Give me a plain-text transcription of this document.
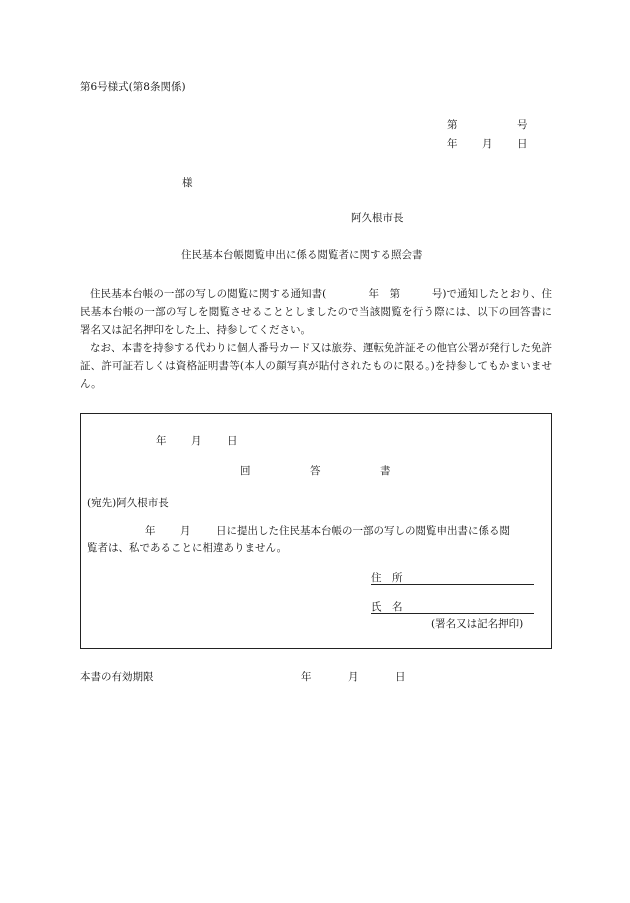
第6号様式(第8条関係)
第	号
年 月 日
様
阿久根市長
住民基本台帳閲覧申出に係る閲覧者に関する照会書
住民基本台帳の一部の写しの閲覧に関する通知書(　　　　年　第　　　号)で通知したとおり、住民基本台帳の一部の写しを閲覧させることとしましたので当該閲覧を行う際には、以下の回答書に署名又は記名押印をした上、持参してください。
なお、本書を持参する代わりに個人番号カード又は旅券、運転免許証その他官公署が発行した免許証、許可証若しくは資格証明書等(本人の顔写真が貼付されたものに限る。)を持参してもかまいません。
年 月 日
回	答	書
(宛先)阿久根市長
年 月 日に提出した住民基本台帳の一部の写しの閲覧申出書に係る閲
覧者は、私であることに相違ありません。
住　所
氏　名
(署名又は記名押印)
本書の有効期限	年	月	日
